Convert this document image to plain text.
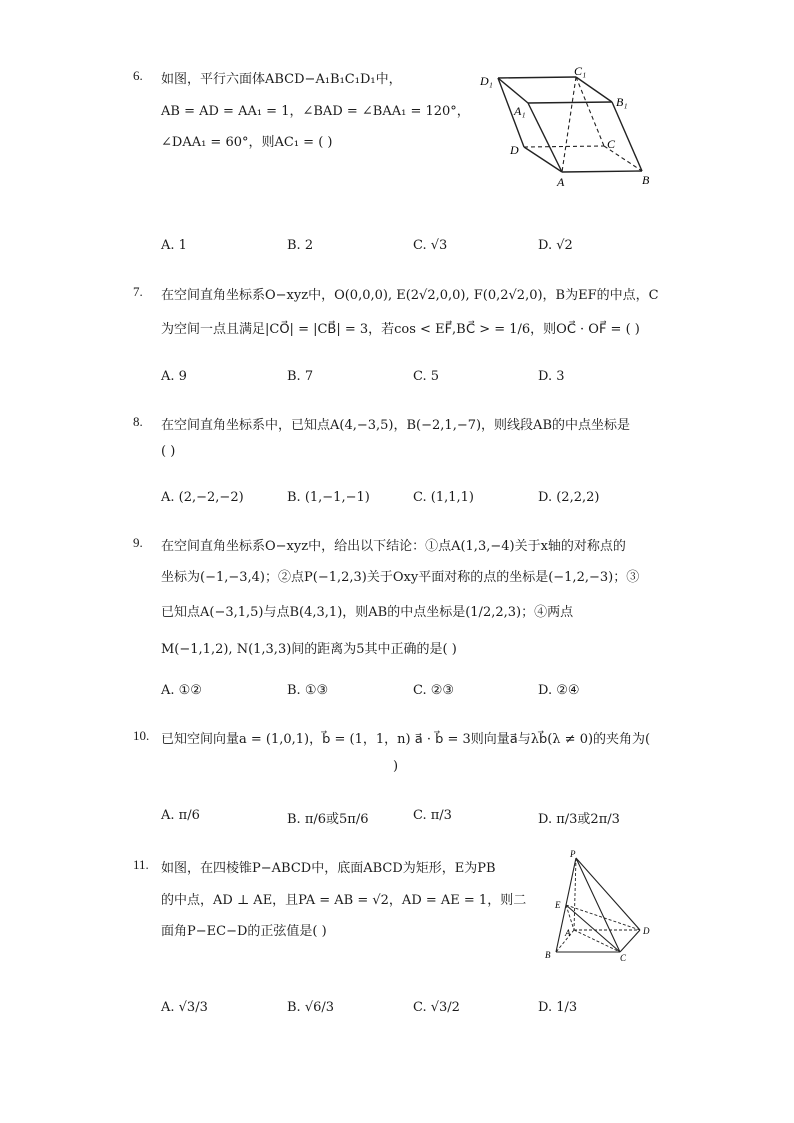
6. 如图，平行六面体ABCD−A₁B₁C₁D₁中，
AB = AD = AA₁ = 1，∠BAD = ∠BAA₁ = 120°，
∠DAA₁ = 60°，则AC₁ = ( )
D₁
C₁
B₁
A₁
D	C
A	B
A. 1	B. 2	C. √3	D. √2
7. 在空间直角坐标系O−xyz中，O(0,0,0), E(2√2,0,0), F(0,2√2,0)，B为EF的中点，C
为空间一点且满足|CO⃗| = |CB⃗| = 3，若cos < EF⃗,BC⃗ > = 1/6，则OC⃗ · OF⃗ = ( )
A. 9	B. 7	C. 5	D. 3
8. 在空间直角坐标系中，已知点A(4,−3,5)，B(−2,1,−7)，则线段AB的中点坐标是
( )
A. (2,−2,−2)	B. (1,−1,−1)	C. (1,1,1)	D. (2,2,2)
9. 在空间直角坐标系O−xyz中，给出以下结论：①点A(1,3,−4)关于x轴的对称点的
坐标为(−1,−3,4)；②点P(−1,2,3)关于Oxy平面对称的点的坐标是(−1,2,−3)；③
已知点A(−3,1,5)与点B(4,3,1)，则AB的中点坐标是(1/2,2,3)；④两点
M(−1,1,2), N(1,3,3)间的距离为5其中正确的是( )
A. ①②	B. ①③	C. ②③	D. ②④
10. 已知空间向量a = (1,0,1)，b⃗ = (1，1，n) a⃗ · b⃗ = 3则向量a⃗与λb⃗(λ ≠ 0)的夹角为(
)
A. π/6	B. π/6或5π/6	C. π/3	D. π/3或2π/3
11. 如图，在四棱锥P−ABCD中，底面ABCD为矩形，E为PB
的中点，AD ⊥ AE，且PA = AB = √2，AD = AE = 1，则二
面角P−EC−D的正弦值是( )
P
E
A	D
B	C
A. √3/3	B. √6/3	C. √3/2	D. 1/3
